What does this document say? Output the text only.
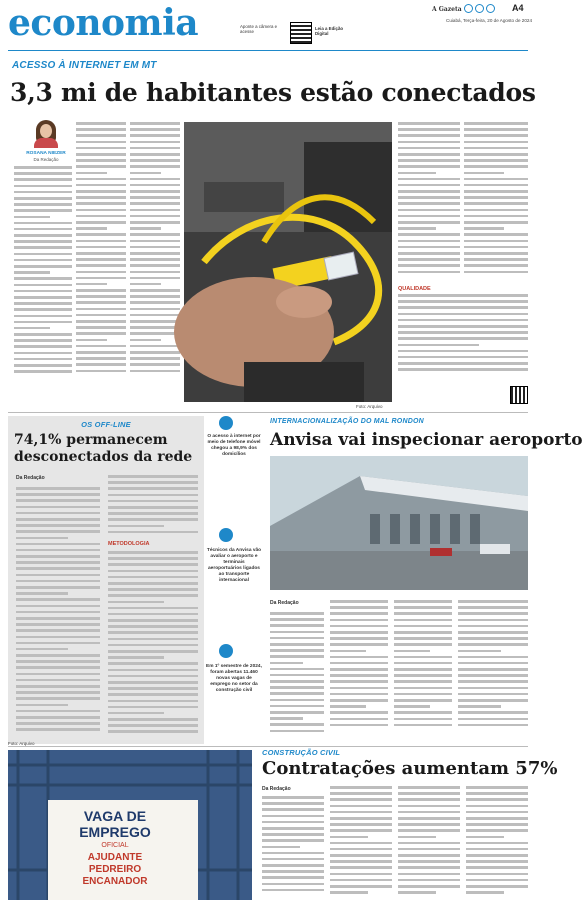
economia	Aponte a câmera e acesse
Leia a Edição Digital
A Gazeta	A4
Cuiabá, Terça-feira, 20 de Agosto de 2024
ACESSO À INTERNET EM MT
3,3 mi de habitantes estão conectados
ROSANA NIEZER
Da Redação
Foto: Arquivo
QUALIDADE
OS OFF-LINE
74,1% permanecem desconectados da rede
Da Redação
METODOLOGIA
O acesso à internet por meio de telefone móvel chegou a 98,9% dos domicílios
Técnicos da Anvisa vão avaliar o aeroporto e terminais aeroportuários ligados ao transporte internacional
Em 1º semestre de 2024, foram abertas 11.460 novas vagas de emprego no setor da construção civil
INTERNACIONALIZAÇÃO DO MAL RONDON
Anvisa vai inspecionar aeroporto
Da Redação
Foto: Arquivo
VAGA DE
EMPREGO
OFICIAL
AJUDANTE
PEDREIRO
ENCANADOR
CONSTRUÇÃO CIVIL
Contratações aumentam 57%
Da Redação
